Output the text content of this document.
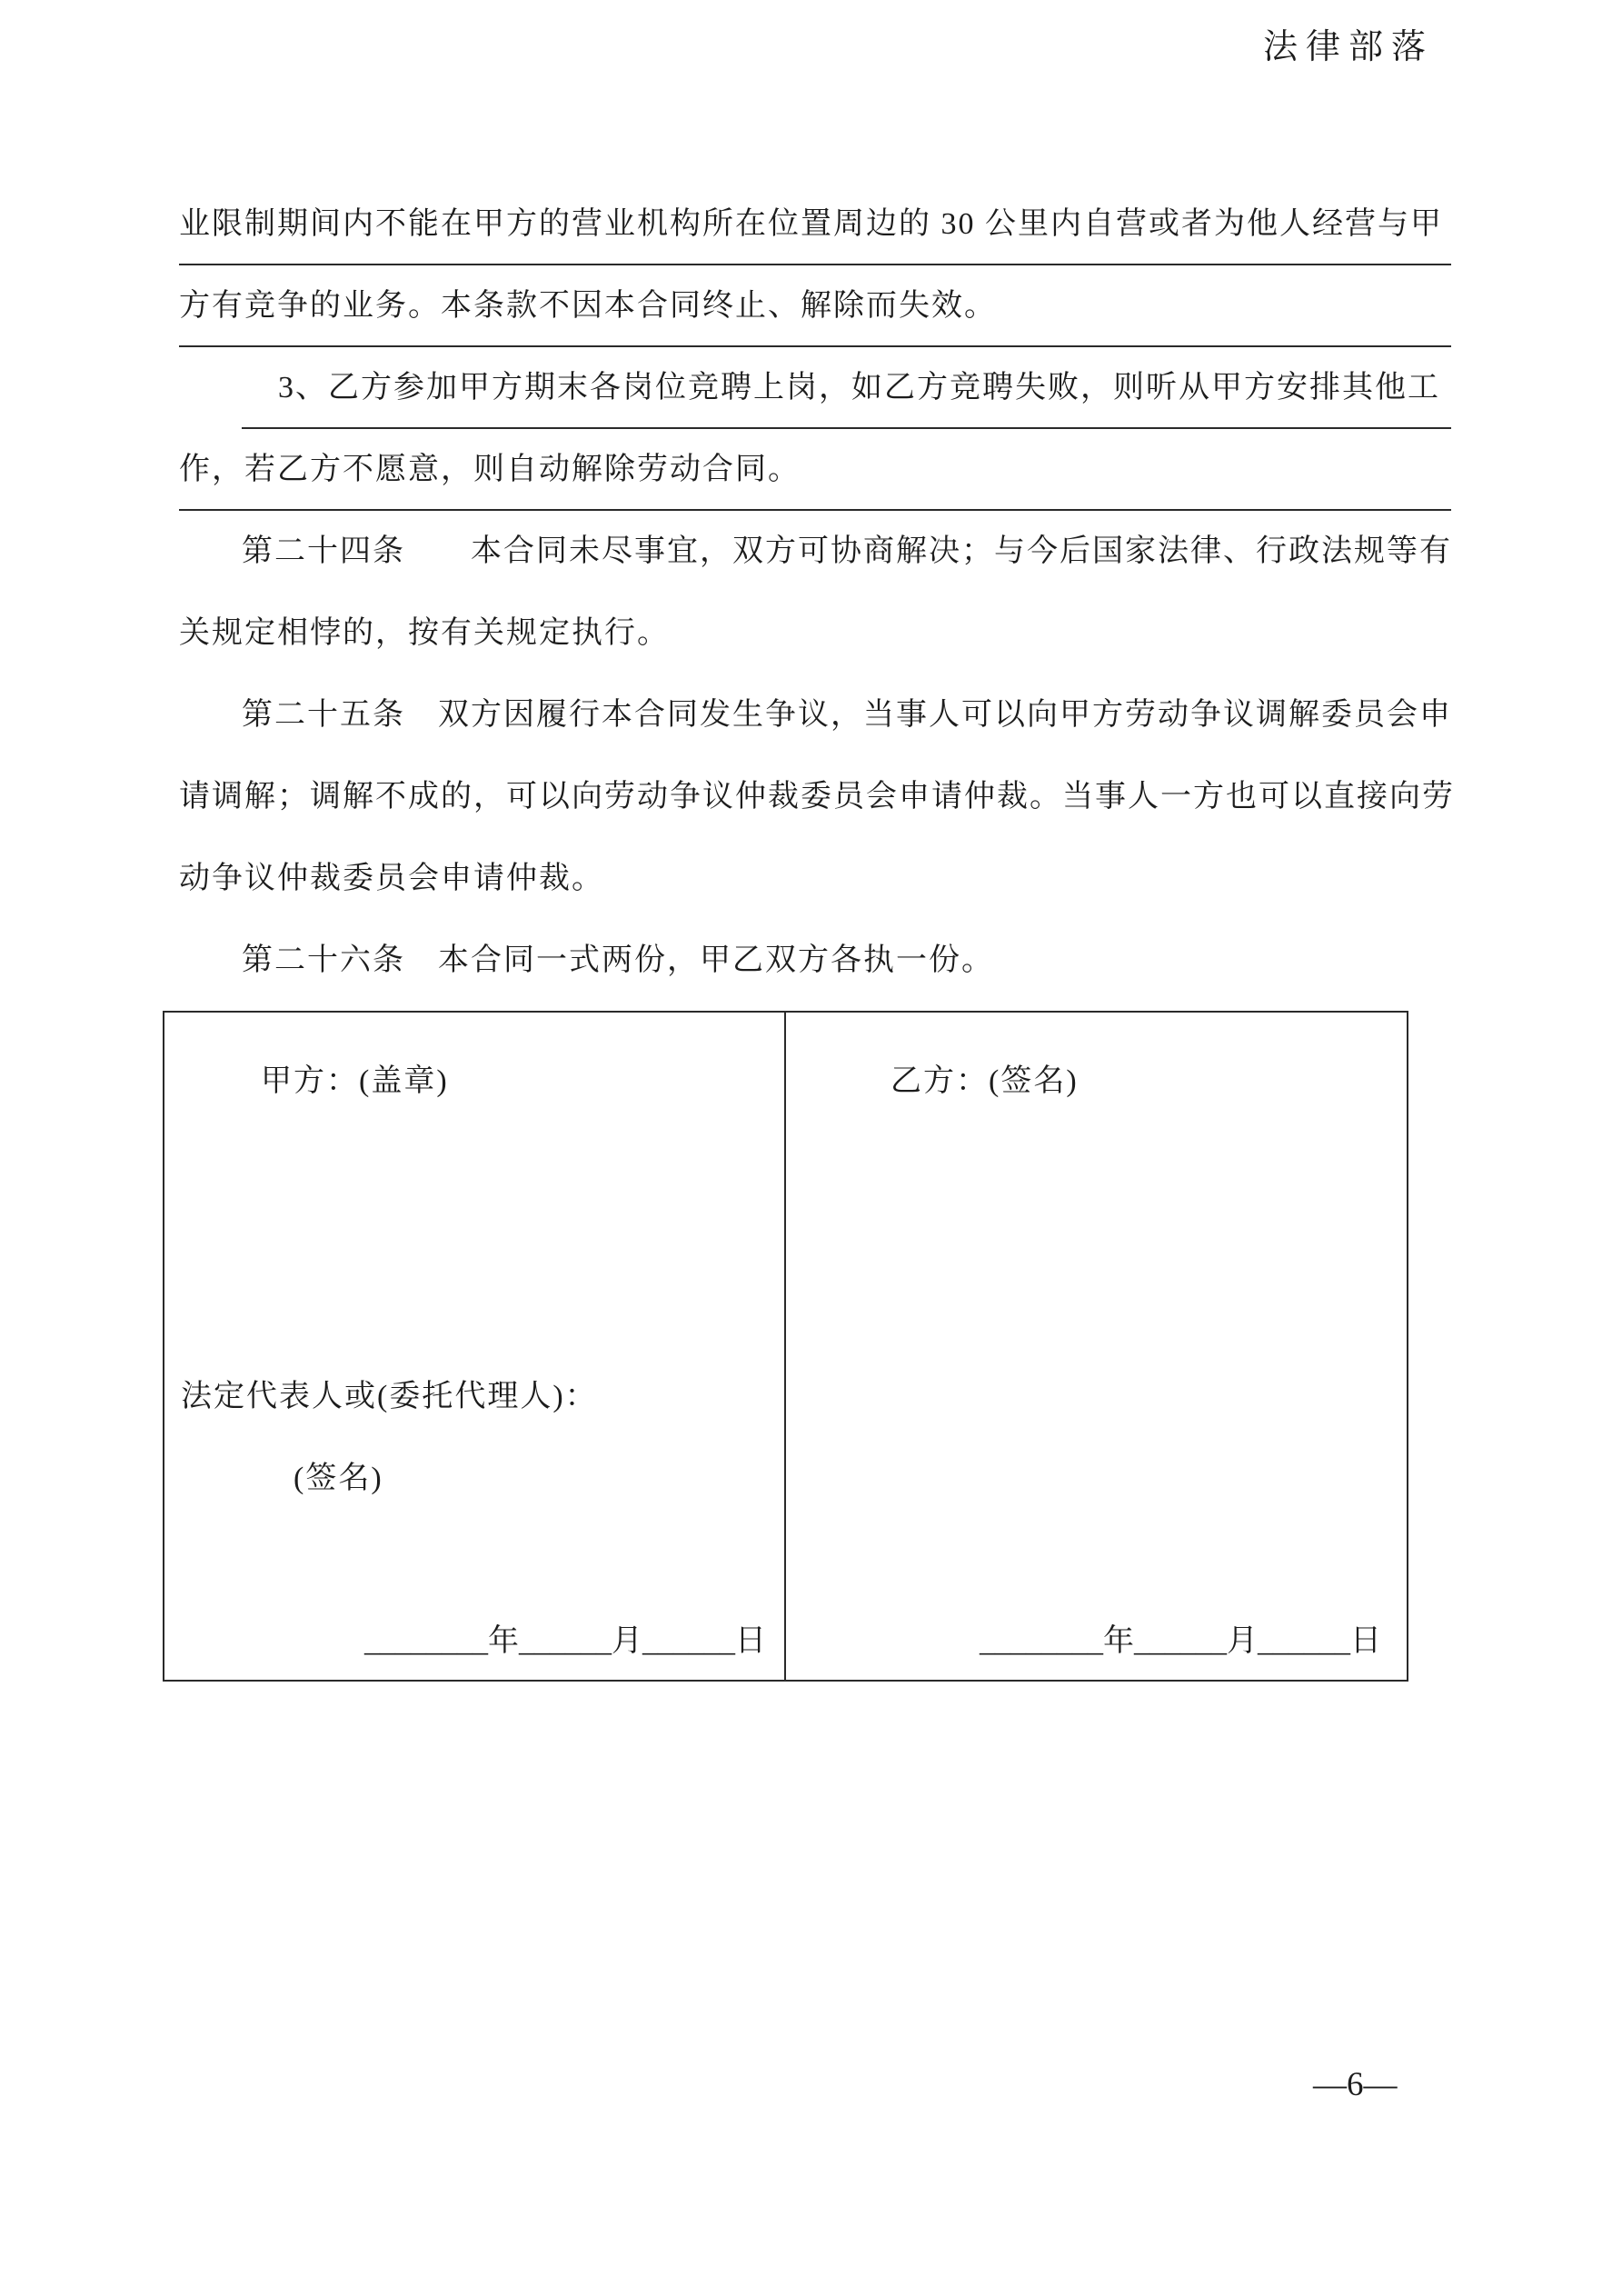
法律部落
业限制期间内不能在甲方的营业机构所在位置周边的 30 公里内自营或者为他人经营与甲
方有竞争的业务。本条款不因本合同终止、解除而失效。
3、乙方参加甲方期末各岗位竞聘上岗，如乙方竞聘失败，则听从甲方安排其他工
作，若乙方不愿意，则自动解除劳动合同。
第二十四条　　本合同未尽事宜，双方可协商解决；与今后国家法律、行政法规等有
关规定相悖的，按有关规定执行。
第二十五条　双方因履行本合同发生争议，当事人可以向甲方劳动争议调解委员会申
请调解；调解不成的，可以向劳动争议仲裁委员会申请仲裁。当事人一方也可以直接向劳
动争议仲裁委员会申请仲裁。
第二十六条　本合同一式两份，甲乙双方各执一份。
甲方：(盖章)
法定代表人或(委托代理人)：
(签名)
________年______月______日
乙方：(签名)
________年______月______日
—6—
